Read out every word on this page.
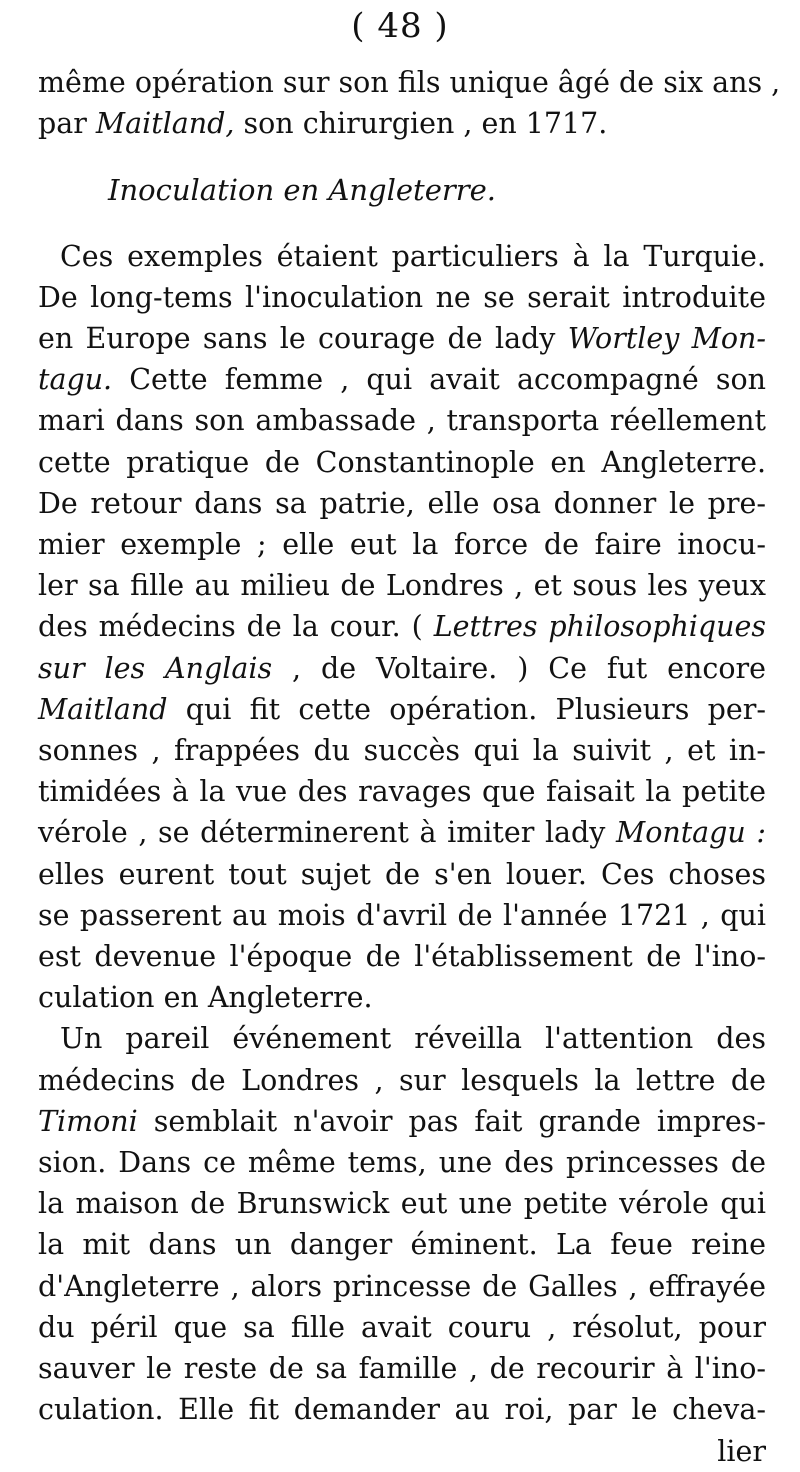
( 48 )
même opération sur son fils unique âgé de six ans ,
par Maitland, son chirurgien , en 1717.
Inoculation en Angleterre.
Ces exemples étaient particuliers à la Turquie.
De long-tems l'inoculation ne se serait introduite
en Europe sans le courage de lady Wortley Mon-
tagu. Cette femme , qui avait accompagné son
mari dans son ambassade , transporta réellement
cette pratique de Constantinople en Angleterre.
De retour dans sa patrie, elle osa donner le pre-
mier exemple ; elle eut la force de faire inocu-
ler sa fille au milieu de Londres , et sous les yeux
des médecins de la cour. ( Lettres philosophiques
sur les Anglais , de Voltaire. ) Ce fut encore
Maitland qui fit cette opération. Plusieurs per-
sonnes , frappées du succès qui la suivit , et in-
timidées à la vue des ravages que faisait la petite
vérole , se déterminerent à imiter lady Montagu :
elles eurent tout sujet de s'en louer. Ces choses
se passerent au mois d'avril de l'année 1721 , qui
est devenue l'époque de l'établissement de l'ino-
culation en Angleterre.
Un pareil événement réveilla l'attention des
médecins de Londres , sur lesquels la lettre de
Timoni semblait n'avoir pas fait grande impres-
sion. Dans ce même tems, une des princesses de
la maison de Brunswick eut une petite vérole qui
la mit dans un danger éminent. La feue reine
d'Angleterre , alors princesse de Galles , effrayée
du péril que sa fille avait couru , résolut, pour
sauver le reste de sa famille , de recourir à l'ino-
culation. Elle fit demander au roi, par le cheva-
lier
